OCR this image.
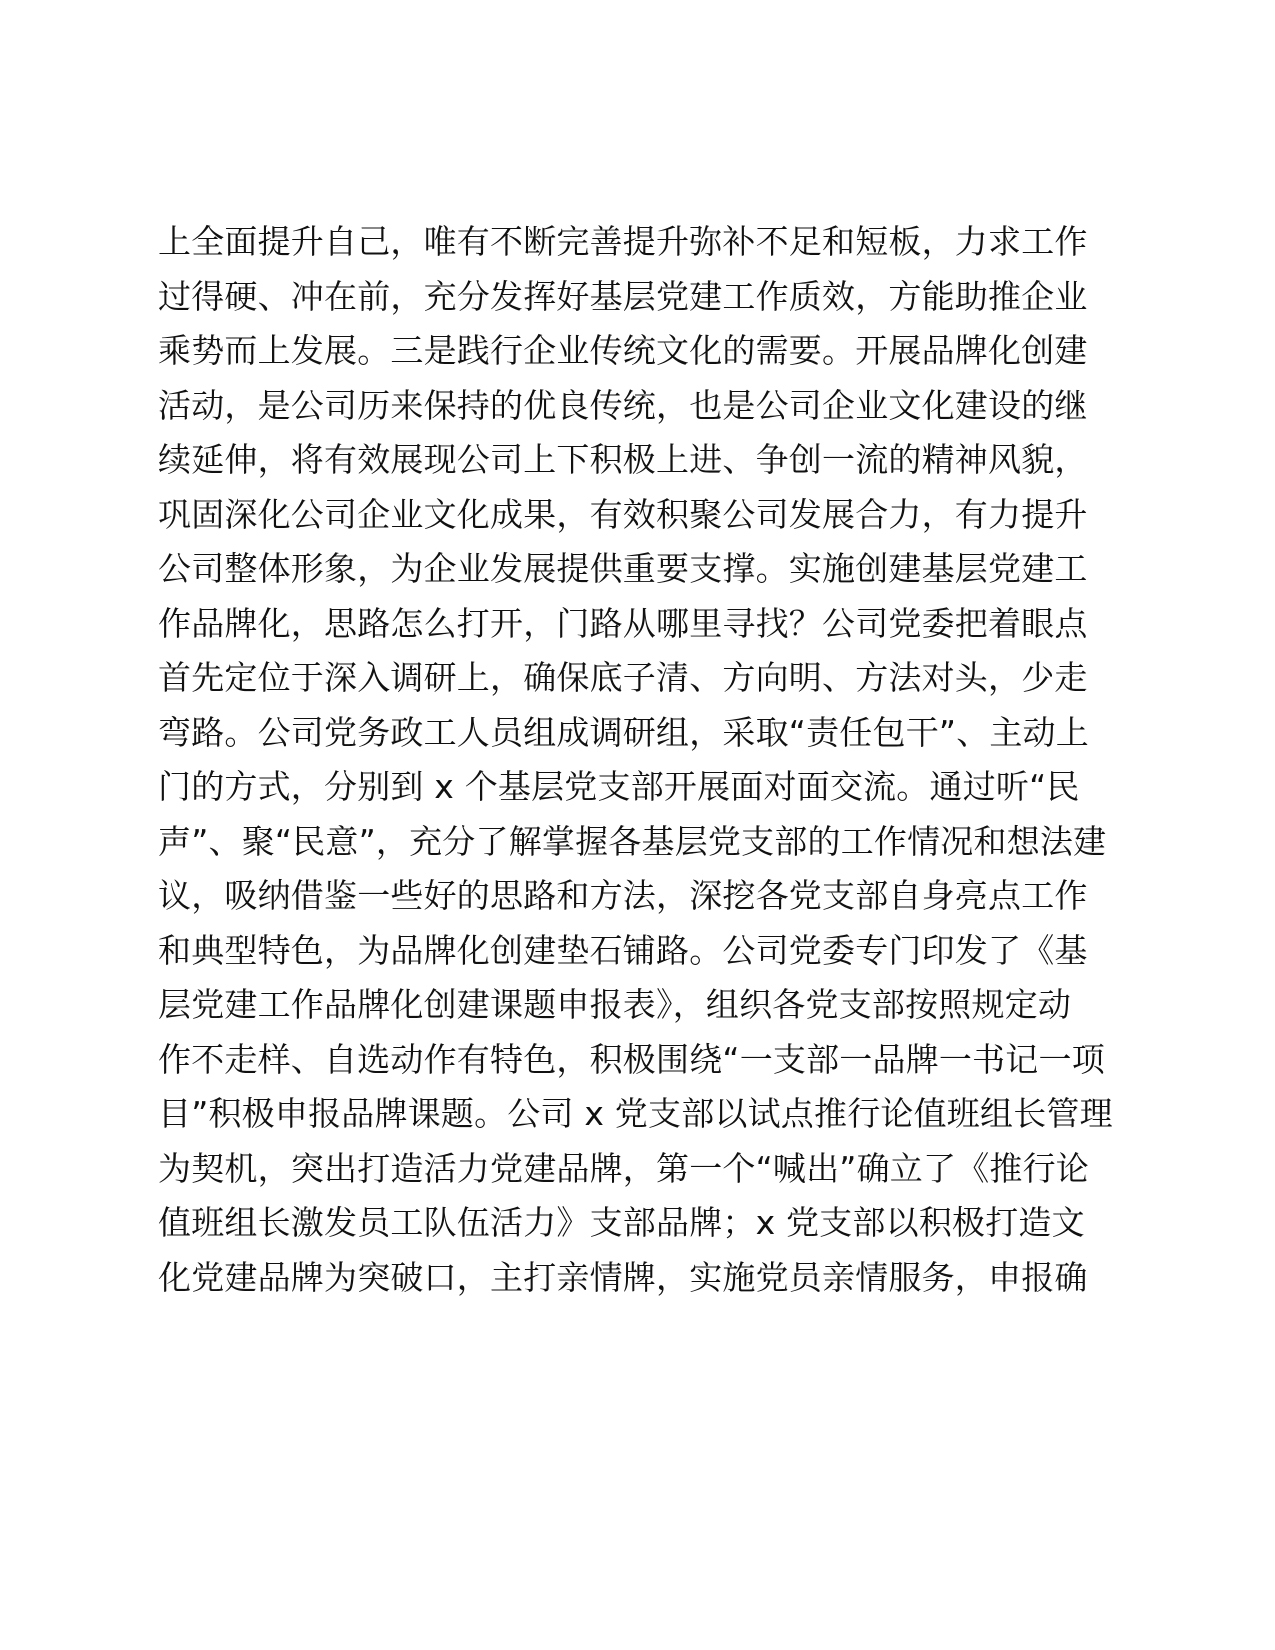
上全面提升自己，唯有不断完善提升弥补不足和短板，力求工作
过得硬、冲在前，充分发挥好基层党建工作质效，方能助推企业
乘势而上发展。三是践行企业传统文化的需要。开展品牌化创建
活动，是公司历来保持的优良传统，也是公司企业文化建设的继
续延伸，将有效展现公司上下积极上进、争创一流的精神风貌，
巩固深化公司企业文化成果，有效积聚公司发展合力，有力提升
公司整体形象，为企业发展提供重要支撑。实施创建基层党建工
作品牌化，思路怎么打开，门路从哪里寻找？公司党委把着眼点
首先定位于深入调研上，确保底子清、方向明、方法对头，少走
弯路。公司党务政工人员组成调研组，采取“责任包干”、主动上
门的方式，分别到 x 个基层党支部开展面对面交流。通过听“民
声”、聚“民意”，充分了解掌握各基层党支部的工作情况和想法建
议，吸纳借鉴一些好的思路和方法，深挖各党支部自身亮点工作
和典型特色，为品牌化创建垫石铺路。公司党委专门印发了《基
层党建工作品牌化创建课题申报表》，组织各党支部按照规定动
作不走样、自选动作有特色，积极围绕“一支部一品牌一书记一项
目”积极申报品牌课题。公司 x 党支部以试点推行论值班组长管理
为契机，突出打造活力党建品牌，第一个“喊出”确立了《推行论
值班组长激发员工队伍活力》支部品牌；x 党支部以积极打造文
化党建品牌为突破口，主打亲情牌，实施党员亲情服务，申报确
